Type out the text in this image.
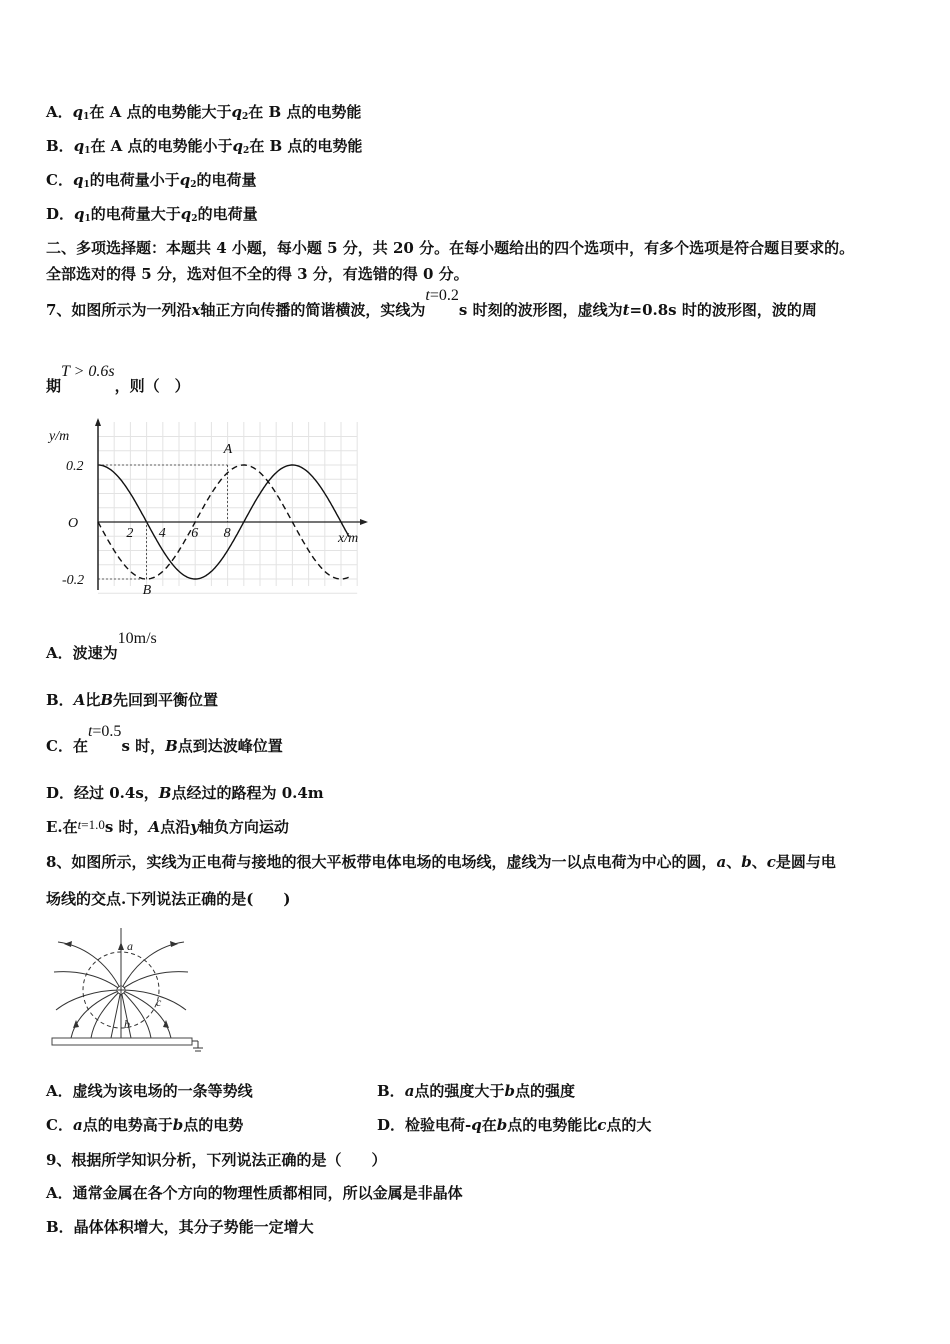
A．$q_1$在 A 点的电势能大于$q_2$在 B 点的电势能
B．$q_1$在 A 点的电势能小于$q_2$在 B 点的电势能
C．$q_1$的电荷量小于$q_2$的电荷量
D．$q_1$的电荷量大于$q_2$的电荷量
二、多项选择题：本题共 4 小题，每小题 5 分，共 20 分。在每小题给出的四个选项中，有多个选项是符合题目要求的。
全部选对的得 5 分，选对但不全的得 3 分，有选错的得 0 分。
7、如图所示为一列沿x轴正方向传播的简谐横波，实线为t=0.2s 时刻的波形图，虚线为t=0.8s 时的波形图，波的周
期T > 0.6s，则（　）
y/m
x/m
O
0.2
-0.2
2 4 6 8
A
B
A．波速为10m/s
B．A比B先回到平衡位置
C．在t=0.5s 时，B点到达波峰位置
D．经过 0.4s，B点经过的路程为 0.4m
E.在t=1.0s 时，A点沿y轴负方向运动
8、如图所示，实线为正电荷与接地的很大平板带电体电场的电场线，虚线为一以点电荷为中心的圆，a、b、c是圆与电
场线的交点.下列说法正确的是(　　)
a
c
b
A．虚线为该电场的一条等势线	B．a点的强度大于b点的强度
C．a点的电势高于b点的电势	D．检验电荷-q在b点的电势能比c点的大
9、根据所学知识分析，下列说法正确的是（　　）
A．通常金属在各个方向的物理性质都相同，所以金属是非晶体
B．晶体体积增大，其分子势能一定增大
